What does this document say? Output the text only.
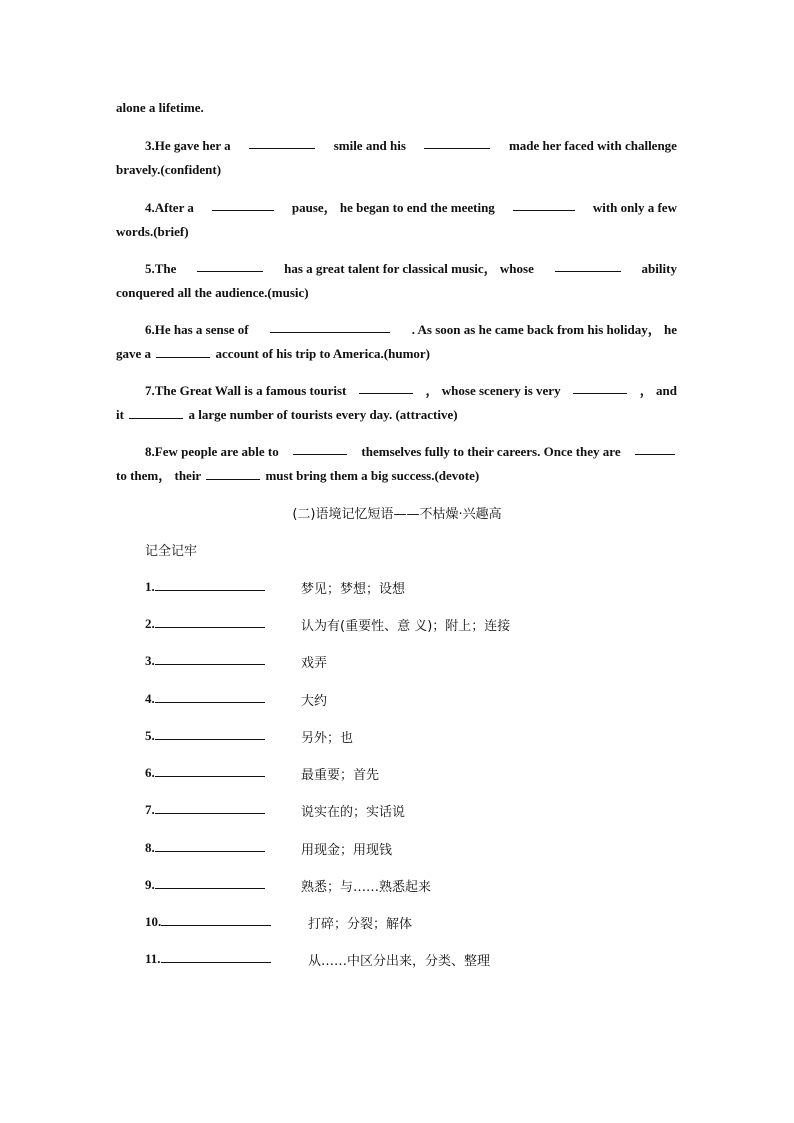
alone a lifetime.
3.He gave her a	smile and his	made her faced with challenge
bravely.(confident)
4.After a	pause， he began to end the meeting	with only a few
words.(brief)
5.The	has a great talent for classical music， whose	ability
conquered all the audience.(music)
6.He has a sense of	. As soon as he came back from his holiday， he
gave a	account of his trip to America.(humor)
7.The Great Wall is a famous tourist	， whose scenery is very	， and
it	a large number of tourists every day. (attractive)
8.Few people are able to	themselves fully to their careers. Once they are
to them， their	must bring them a big success.(devote)
(二)语境记忆短语——不枯燥·兴趣高
记全记牢
1.	梦见；梦想；设想
2.	认为有(重要性、意 义)；附上；连接
3.	戏弄
4.	大约
5.	另外；也
6.	最重要；首先
7.	说实在的；实话说
8.	用现金；用现钱
9.	熟悉；与……熟悉起来
10.	打碎；分裂；解体
11.	从……中区分出来，分类、整理
